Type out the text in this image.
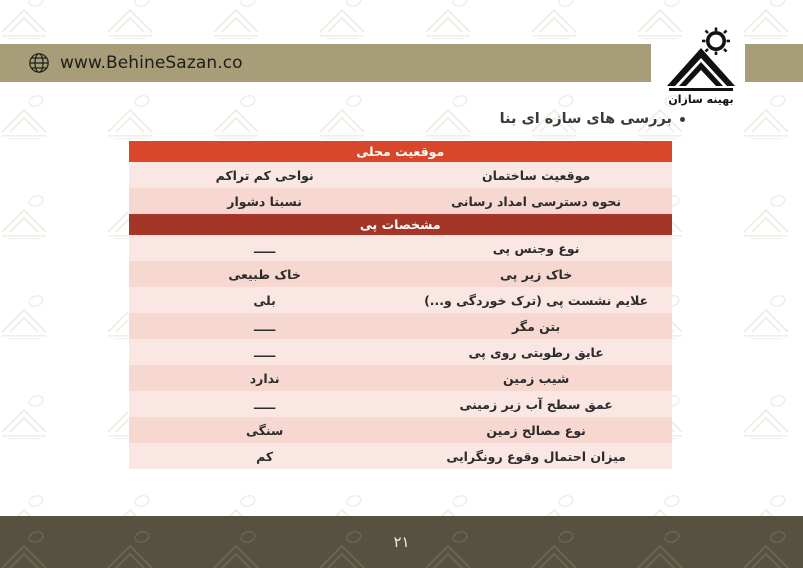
www.BehineSazan.co
بهینه سازان
بررسی های سازه ای بنا
موقعیت محلی	
موقعیت ساختمان	نواحی کم تراکم
نحوه دسترسی امداد رسانی	نسبتا دشوار
مشخصات پی	
نوع وجنس پی	ـــــ
خاک زیر پی	خاک طبیعی
علایم نشست پی (ترک خوردگی و...)	بلی
بتن مگر	ـــــ
عایق رطوبتی روی پی	ـــــ
شیب زمین	ندارد
عمق سطح آب زیر زمینی	ـــــ
نوع مصالح زمین	سنگی
میزان احتمال وقوع رونگرایی	کم
۲۱
